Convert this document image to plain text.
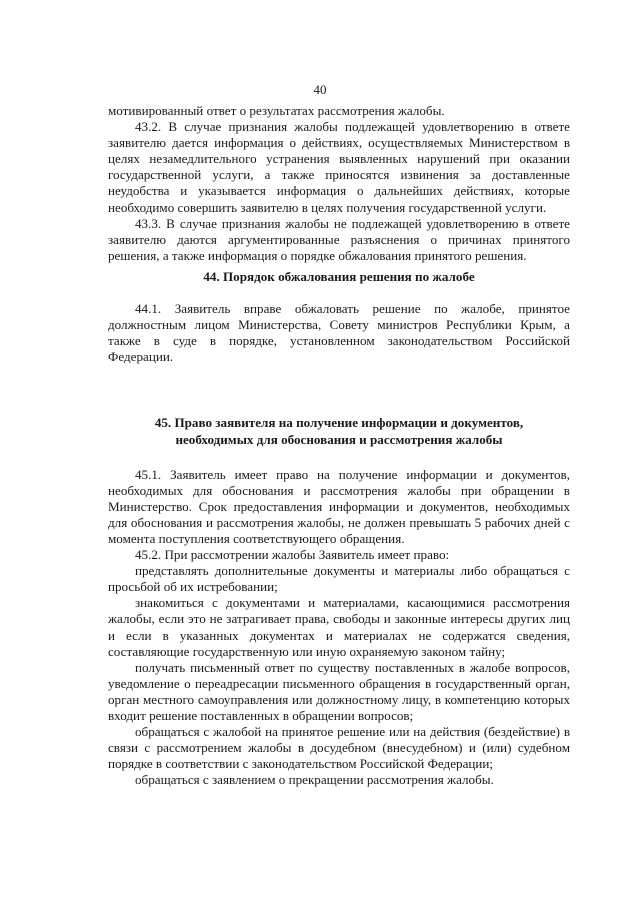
40

мотивированный ответ о результатах рассмотрения жалобы.

43.2. В случае признания жалобы подлежащей удовлетворению в ответе заявителю дается информация о действиях, осуществляемых Министерством в целях незамедлительного устранения выявленных нарушений при оказании государственной услуги, а также приносятся извинения за доставленные неудобства и указывается информация о дальнейших действиях, которые необходимо совершить заявителю в целях получения государственной услуги.

43.3. В случае признания жалобы не подлежащей удовлетворению в ответе заявителю даются аргументированные разъяснения о причинах принятого решения, а также информация о порядке обжалования принятого решения.

44. Порядок обжалования решения по жалобе

44.1. Заявитель вправе обжаловать решение по жалобе, принятое должностным лицом Министерства, Совету министров Республики Крым, а также в суде в порядке, установленном законодательством Российской Федерации.

45. Право заявителя на получение информации и документов,
необходимых для обоснования и рассмотрения жалобы

45.1. Заявитель имеет право на получение информации и документов, необходимых для обоснования и рассмотрения жалобы при обращении в Министерство. Срок предоставления информации и документов, необходимых для обоснования и рассмотрения жалобы, не должен превышать 5 рабочих дней с момента поступления соответствующего обращения.

45.2. При рассмотрении жалобы Заявитель имеет право:

представлять дополнительные документы и материалы либо обращаться с просьбой об их истребовании;

знакомиться с документами и материалами, касающимися рассмотрения жалобы, если это не затрагивает права, свободы и законные интересы других лиц и если в указанных документах и материалах не содержатся сведения, составляющие государственную или иную охраняемую законом тайну;

получать письменный ответ по существу поставленных в жалобе вопросов, уведомление о переадресации письменного обращения в государственный орган, орган местного самоуправления или должностному лицу, в компетенцию которых входит решение поставленных в обращении вопросов;

обращаться с жалобой на принятое решение или на действия (бездействие) в связи с рассмотрением жалобы в досудебном (внесудебном) и (или) судебном порядке в соответствии с законодательством Российской Федерации;

обращаться с заявлением о прекращении рассмотрения жалобы.
